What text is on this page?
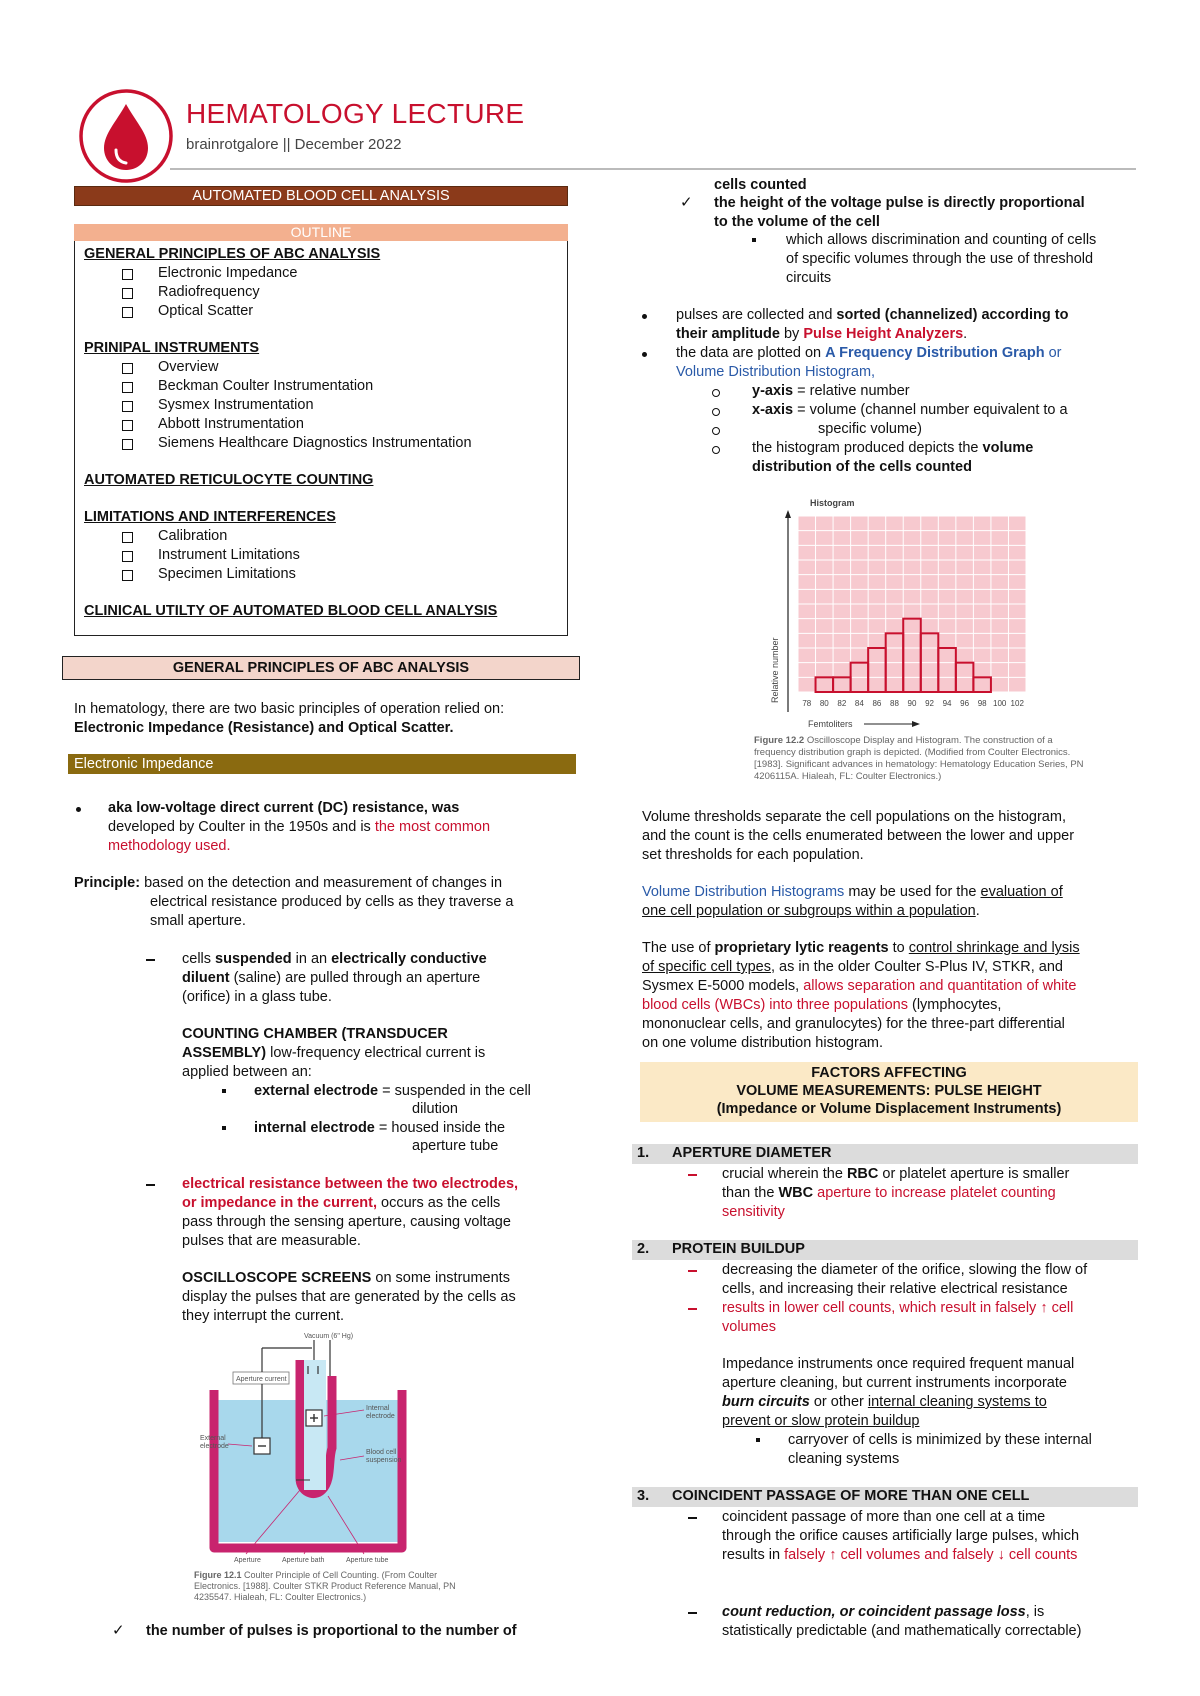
HEMATOLOGY LECTURE
brainrotgalore || December 2022
AUTOMATED BLOOD CELL ANALYSIS
OUTLINE
GENERAL PRINCIPLES OF ABC ANALYSIS
Electronic Impedance
Radiofrequency
Optical Scatter
PRINIPAL INSTRUMENTS
Overview
Beckman Coulter Instrumentation
Sysmex Instrumentation
Abbott Instrumentation
Siemens Healthcare Diagnostics Instrumentation
AUTOMATED RETICULOCYTE COUNTING
LIMITATIONS AND INTERFERENCES
Calibration
Instrument Limitations
Specimen Limitations
CLINICAL UTILTY OF AUTOMATED BLOOD CELL ANALYSIS
GENERAL PRINCIPLES OF ABC ANALYSIS
In hematology, there are two basic principles of operation relied on:
Electronic Impedance (Resistance) and Optical Scatter.
Electronic Impedance
aka low-voltage direct current (DC) resistance, was
developed by Coulter in the 1950s and is the most common
methodology used.
Principle: based on the detection and measurement of changes in
electrical resistance produced by cells as they traverse a
small aperture.
cells suspended in an electrically conductive
diluent (saline) are pulled through an aperture
(orifice) in a glass tube.
COUNTING CHAMBER (TRANSDUCER
ASSEMBLY) low-frequency electrical current is
applied between an:
external electrode = suspended in the cell
dilution
internal electrode = housed inside the
aperture tube
electrical resistance between the two electrodes,
or impedance in the current, occurs as the cells
pass through the sensing aperture, causing voltage
pulses that are measurable.
OSCILLOSCOPE SCREENS on some instruments
display the pulses that are generated by the cells as
they interrupt the current.
Vacuum (6" Hg)
Aperture current
Internal
electrode
External
electrode
Blood cell
suspension
Aperture	Aperture bath	Aperture tube
Figure 12.1 Coulter Principle of Cell Counting. (From Coulter Electronics. [1988]. Coulter STKR Product Reference Manual, PN 4235547. Hialeah, FL: Coulter Electronics.)
✓ the number of pulses is proportional to the number of
cells counted
✓ the height of the voltage pulse is directly proportional
to the volume of the cell
which allows discrimination and counting of cells
of specific volumes through the use of threshold
circuits
pulses are collected and sorted (channelized) according to
their amplitude by Pulse Height Analyzers.
the data are plotted on A Frequency Distribution Graph or
Volume Distribution Histogram,
y-axis = relative number
x-axis = volume (channel number equivalent to a
specific volume)
the histogram produced depicts the volume
distribution of the cells counted
Histogram
Relative number
78 80 82 84 86 88 90 92 94 96 98 100 102
Femtoliters
Figure 12.2 Oscilloscope Display and Histogram. The construction of a frequency distribution graph is depicted. (Modified from Coulter Electronics. [1983]. Significant advances in hematology: Hematology Education Series, PN 4206115A. Hialeah, FL: Coulter Electronics.)
Volume thresholds separate the cell populations on the histogram,
and the count is the cells enumerated between the lower and upper
set thresholds for each population.
Volume Distribution Histograms may be used for the evaluation of
one cell population or subgroups within a population.
The use of proprietary lytic reagents to control shrinkage and lysis
of specific cell types, as in the older Coulter S-Plus IV, STKR, and
Sysmex E-5000 models, allows separation and quantitation of white
blood cells (WBCs) into three populations (lymphocytes,
mononuclear cells, and granulocytes) for the three-part differential
on one volume distribution histogram.
FACTORS AFFECTING
VOLUME MEASUREMENTS: PULSE HEIGHT
(Impedance or Volume Displacement Instruments)
1. APERTURE DIAMETER
crucial wherein the RBC or platelet aperture is smaller
than the WBC aperture to increase platelet counting
sensitivity
2. PROTEIN BUILDUP
decreasing the diameter of the orifice, slowing the flow of
cells, and increasing their relative electrical resistance
results in lower cell counts, which result in falsely ↑ cell
volumes
Impedance instruments once required frequent manual
aperture cleaning, but current instruments incorporate
burn circuits or other internal cleaning systems to
prevent or slow protein buildup
carryover of cells is minimized by these internal
cleaning systems
3. COINCIDENT PASSAGE OF MORE THAN ONE CELL
coincident passage of more than one cell at a time
through the orifice causes artificially large pulses, which
results in falsely ↑ cell volumes and falsely ↓ cell counts
count reduction, or coincident passage loss, is
statistically predictable (and mathematically correctable)
